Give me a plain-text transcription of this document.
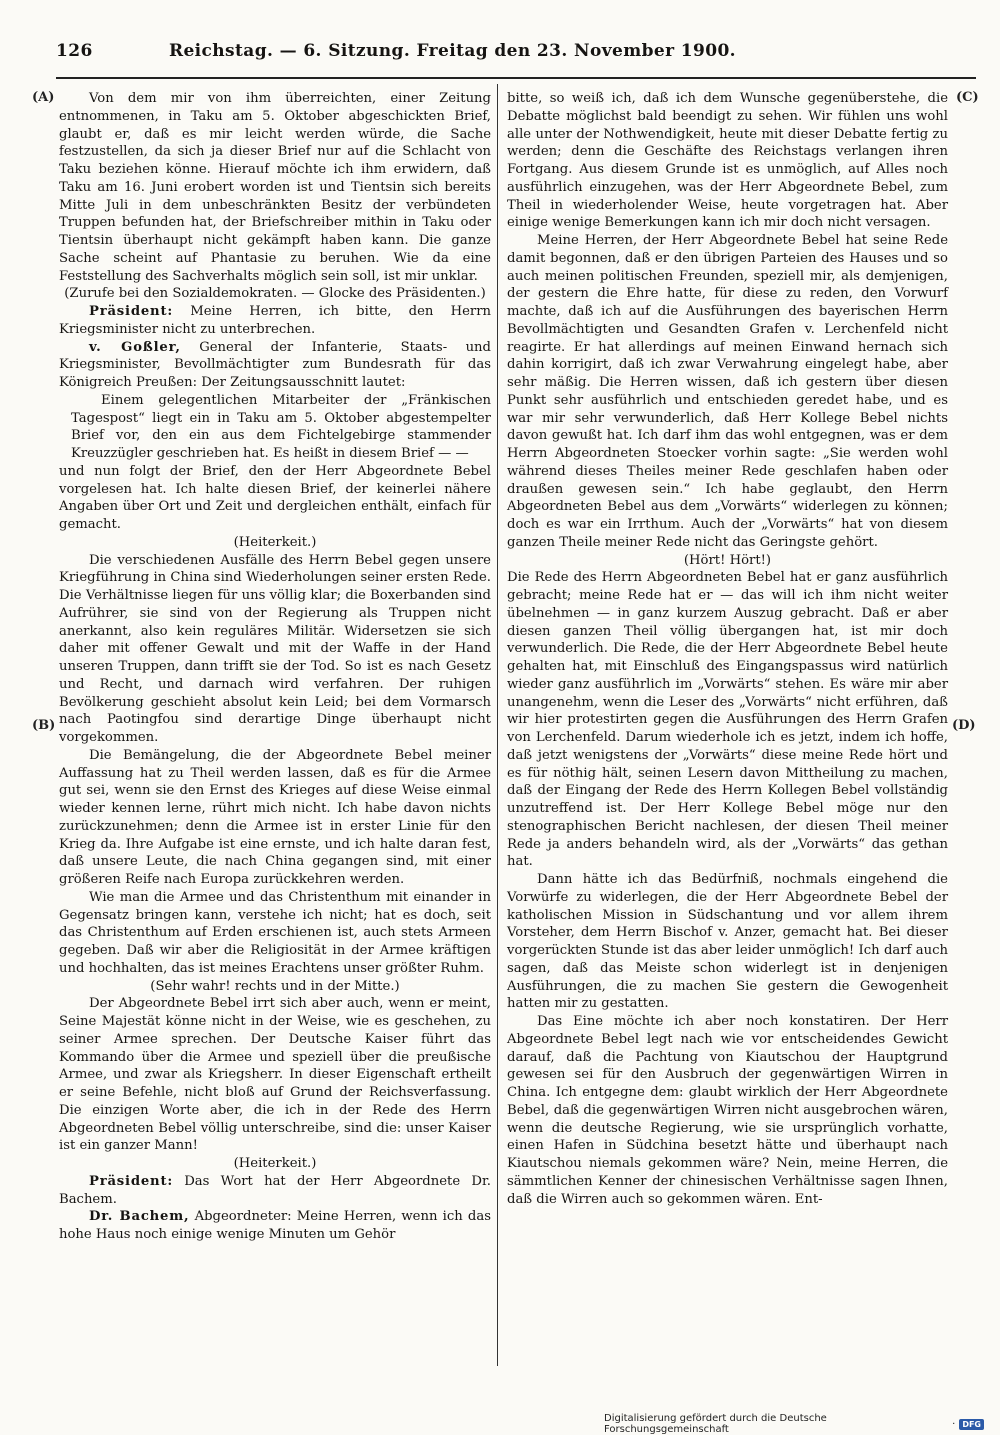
126	Reichstag. — 6. Sitzung. Freitag den 23. November 1900.
(A)
(B)
(C)
(D)

Von dem mir von ihm überreichten, einer Zeitung entnommenen, in Taku am 5. Oktober abgeschickten Brief, glaubt er, daß es mir leicht werden würde, die Sache festzustellen, da sich ja dieser Brief nur auf die Schlacht von Taku beziehen könne. Hierauf möchte ich ihm erwidern, daß Taku am 16. Juni erobert worden ist und Tientsin sich bereits Mitte Juli in dem unbeschränkten Besitz der verbündeten Truppen befunden hat, der Briefschreiber mithin in Taku oder Tientsin überhaupt nicht gekämpft haben kann. Die ganze Sache scheint auf Phantasie zu beruhen. Wie da eine Feststellung des Sachverhalts möglich sein soll, ist mir unklar.

(Zurufe bei den Sozialdemokraten. — Glocke des Präsidenten.)

Präsident: Meine Herren, ich bitte, den Herrn Kriegsminister nicht zu unterbrechen.

v. Goßler, General der Infanterie, Staats- und Kriegsminister, Bevollmächtigter zum Bundesrath für das Königreich Preußen: Der Zeitungsausschnitt lautet:

Einem gelegentlichen Mitarbeiter der „Fränkischen Tagespost“ liegt ein in Taku am 5. Oktober abgestempelter Brief vor, den ein aus dem Fichtelgebirge stammender Kreuzzügler geschrieben hat. Es heißt in diesem Brief — —

und nun folgt der Brief, den der Herr Abgeordnete Bebel vorgelesen hat. Ich halte diesen Brief, der keinerlei nähere Angaben über Ort und Zeit und dergleichen enthält, einfach für gemacht.

(Heiterkeit.)

Die verschiedenen Ausfälle des Herrn Bebel gegen unsere Kriegführung in China sind Wiederholungen seiner ersten Rede. Die Verhältnisse liegen für uns völlig klar; die Boxerbanden sind Aufrührer, sie sind von der Regierung als Truppen nicht anerkannt, also kein reguläres Militär. Widersetzen sie sich daher mit offener Gewalt und mit der Waffe in der Hand unseren Truppen, dann trifft sie der Tod. So ist es nach Gesetz und Recht, und darnach wird verfahren. Der ruhigen Bevölkerung geschieht absolut kein Leid; bei dem Vormarsch nach Paotingfou sind derartige Dinge überhaupt nicht vorgekommen.

Die Bemängelung, die der Abgeordnete Bebel meiner Auffassung hat zu Theil werden lassen, daß es für die Armee gut sei, wenn sie den Ernst des Krieges auf diese Weise einmal wieder kennen lerne, rührt mich nicht. Ich habe davon nichts zurückzunehmen; denn die Armee ist in erster Linie für den Krieg da. Ihre Aufgabe ist eine ernste, und ich halte daran fest, daß unsere Leute, die nach China gegangen sind, mit einer größeren Reife nach Europa zurückkehren werden.

Wie man die Armee und das Christenthum mit einander in Gegensatz bringen kann, verstehe ich nicht; hat es doch, seit das Christenthum auf Erden erschienen ist, auch stets Armeen gegeben. Daß wir aber die Religiosität in der Armee kräftigen und hochhalten, das ist meines Erachtens unser größter Ruhm.

(Sehr wahr! rechts und in der Mitte.)

Der Abgeordnete Bebel irrt sich aber auch, wenn er meint, Seine Majestät könne nicht in der Weise, wie es geschehen, zu seiner Armee sprechen. Der Deutsche Kaiser führt das Kommando über die Armee und speziell über die preußische Armee, und zwar als Kriegsherr. In dieser Eigenschaft ertheilt er seine Befehle, nicht bloß auf Grund der Reichsverfassung. Die einzigen Worte aber, die ich in der Rede des Herrn Abgeordneten Bebel völlig unterschreibe, sind die: unser Kaiser ist ein ganzer Mann!

(Heiterkeit.)

Präsident: Das Wort hat der Herr Abgeordnete Dr. Bachem.

Dr. Bachem, Abgeordneter: Meine Herren, wenn ich das hohe Haus noch einige wenige Minuten um Gehör

bitte, so weiß ich, daß ich dem Wunsche gegenüberstehe, die Debatte möglichst bald beendigt zu sehen. Wir fühlen uns wohl alle unter der Nothwendigkeit, heute mit dieser Debatte fertig zu werden; denn die Geschäfte des Reichstags verlangen ihren Fortgang. Aus diesem Grunde ist es unmöglich, auf Alles noch ausführlich einzugehen, was der Herr Abgeordnete Bebel, zum Theil in wiederholender Weise, heute vorgetragen hat. Aber einige wenige Bemerkungen kann ich mir doch nicht versagen.

Meine Herren, der Herr Abgeordnete Bebel hat seine Rede damit begonnen, daß er den übrigen Parteien des Hauses und so auch meinen politischen Freunden, speziell mir, als demjenigen, der gestern die Ehre hatte, für diese zu reden, den Vorwurf machte, daß ich auf die Ausführungen des bayerischen Herrn Bevollmächtigten und Gesandten Grafen v. Lerchenfeld nicht reagirte. Er hat allerdings auf meinen Einwand hernach sich dahin korrigirt, daß ich zwar Verwahrung eingelegt habe, aber sehr mäßig. Die Herren wissen, daß ich gestern über diesen Punkt sehr ausführlich und entschieden geredet habe, und es war mir sehr verwunderlich, daß Herr Kollege Bebel nichts davon gewußt hat. Ich darf ihm das wohl entgegnen, was er dem Herrn Abgeordneten Stoecker vorhin sagte: „Sie werden wohl während dieses Theiles meiner Rede geschlafen haben oder draußen gewesen sein.“ Ich habe geglaubt, den Herrn Abgeordneten Bebel aus dem „Vorwärts“ widerlegen zu können; doch es war ein Irrthum. Auch der „Vorwärts“ hat von diesem ganzen Theile meiner Rede nicht das Geringste gehört.

(Hört! Hört!)

Die Rede des Herrn Abgeordneten Bebel hat er ganz ausführlich gebracht; meine Rede hat er — das will ich ihm nicht weiter übelnehmen — in ganz kurzem Auszug gebracht. Daß er aber diesen ganzen Theil völlig übergangen hat, ist mir doch verwunderlich. Die Rede, die der Herr Abgeordnete Bebel heute gehalten hat, mit Einschluß des Eingangspassus wird natürlich wieder ganz ausführlich im „Vorwärts“ stehen. Es wäre mir aber unangenehm, wenn die Leser des „Vorwärts“ nicht erführen, daß wir hier protestirten gegen die Ausführungen des Herrn Grafen von Lerchenfeld. Darum wiederhole ich es jetzt, indem ich hoffe, daß jetzt wenigstens der „Vorwärts“ diese meine Rede hört und es für nöthig hält, seinen Lesern davon Mittheilung zu machen, daß der Eingang der Rede des Herrn Kollegen Bebel vollständig unzutreffend ist. Der Herr Kollege Bebel möge nur den stenographischen Bericht nachlesen, der diesen Theil meiner Rede ja anders behandeln wird, als der „Vorwärts“ das gethan hat.

Dann hätte ich das Bedürfniß, nochmals eingehend die Vorwürfe zu widerlegen, die der Herr Abgeordnete Bebel der katholischen Mission in Südschantung und vor allem ihrem Vorsteher, dem Herrn Bischof v. Anzer, gemacht hat. Bei dieser vorgerückten Stunde ist das aber leider unmöglich! Ich darf auch sagen, daß das Meiste schon widerlegt ist in denjenigen Ausführungen, die zu machen Sie gestern die Gewogenheit hatten mir zu gestatten.

Das Eine möchte ich aber noch konstatiren. Der Herr Abgeordnete Bebel legt nach wie vor entscheidendes Gewicht darauf, daß die Pachtung von Kiautschou der Hauptgrund gewesen sei für den Ausbruch der gegenwärtigen Wirren in China. Ich entgegne dem: glaubt wirklich der Herr Abgeordnete Bebel, daß die gegenwärtigen Wirren nicht ausgebrochen wären, wenn die deutsche Regierung, wie sie ursprünglich vorhatte, einen Hafen in Südchina besetzt hätte und überhaupt nach Kiautschou niemals gekommen wäre? Nein, meine Herren, die sämmtlichen Kenner der chinesischen Verhältnisse sagen Ihnen, daß die Wirren auch so gekommen wären. Ent-

Digitalisierung gefördert durch die Deutsche Forschungsgemeinschaft	· DFG
